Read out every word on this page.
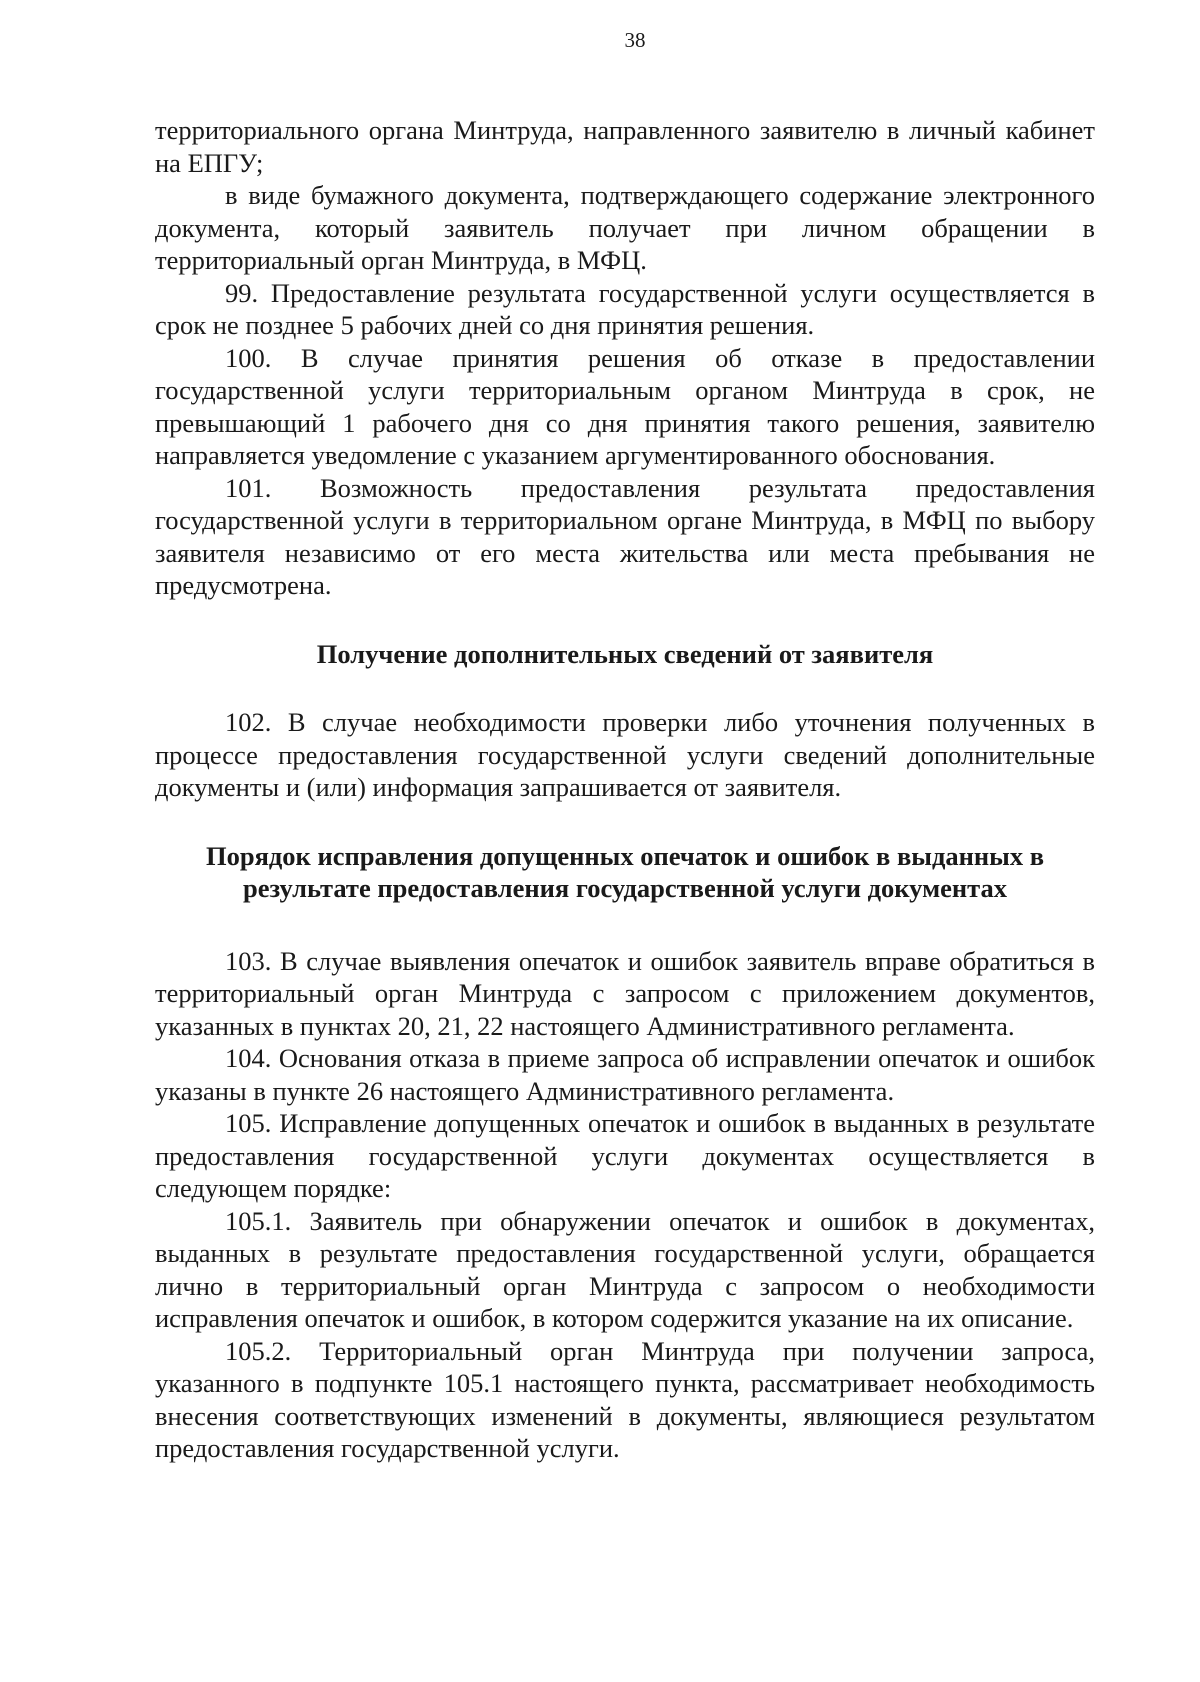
38

территориального органа Минтруда, направленного заявителю в личный кабинет на ЕПГУ;

в виде бумажного документа, подтверждающего содержание электронного документа, который заявитель получает при личном обращении в территориальный орган Минтруда, в МФЦ.

99. Предоставление результата государственной услуги осуществляется в срок не позднее 5 рабочих дней со дня принятия решения.

100. В случае принятия решения об отказе в предоставлении государственной услуги территориальным органом Минтруда в срок, не превышающий 1 рабочего дня со дня принятия такого решения, заявителю направляется уведомление с указанием аргументированного обоснования.

101. Возможность предоставления результата предоставления государственной услуги в территориальном органе Минтруда, в МФЦ по выбору заявителя независимо от его места жительства или места пребывания не предусмотрена.

Получение дополнительных сведений от заявителя

102. В случае необходимости проверки либо уточнения полученных в процессе предоставления государственной услуги сведений дополнительные документы и (или) информация запрашивается от заявителя.

Порядок исправления допущенных опечаток и ошибок в выданных в результате предоставления государственной услуги документах

103. В случае выявления опечаток и ошибок заявитель вправе обратиться в территориальный орган Минтруда с запросом с приложением документов, указанных в пунктах 20, 21, 22 настоящего Административного регламента.

104. Основания отказа в приеме запроса об исправлении опечаток и ошибок указаны в пункте 26 настоящего Административного регламента.

105. Исправление допущенных опечаток и ошибок в выданных в результате предоставления государственной услуги документах осуществляется в следующем порядке:

105.1. Заявитель при обнаружении опечаток и ошибок в документах, выданных в результате предоставления государственной услуги, обращается лично в территориальный орган Минтруда с запросом о необходимости исправления опечаток и ошибок, в котором содержится указание на их описание.

105.2. Территориальный орган Минтруда при получении запроса, указанного в подпункте 105.1 настоящего пункта, рассматривает необходимость внесения соответствующих изменений в документы, являющиеся результатом предоставления государственной услуги.
